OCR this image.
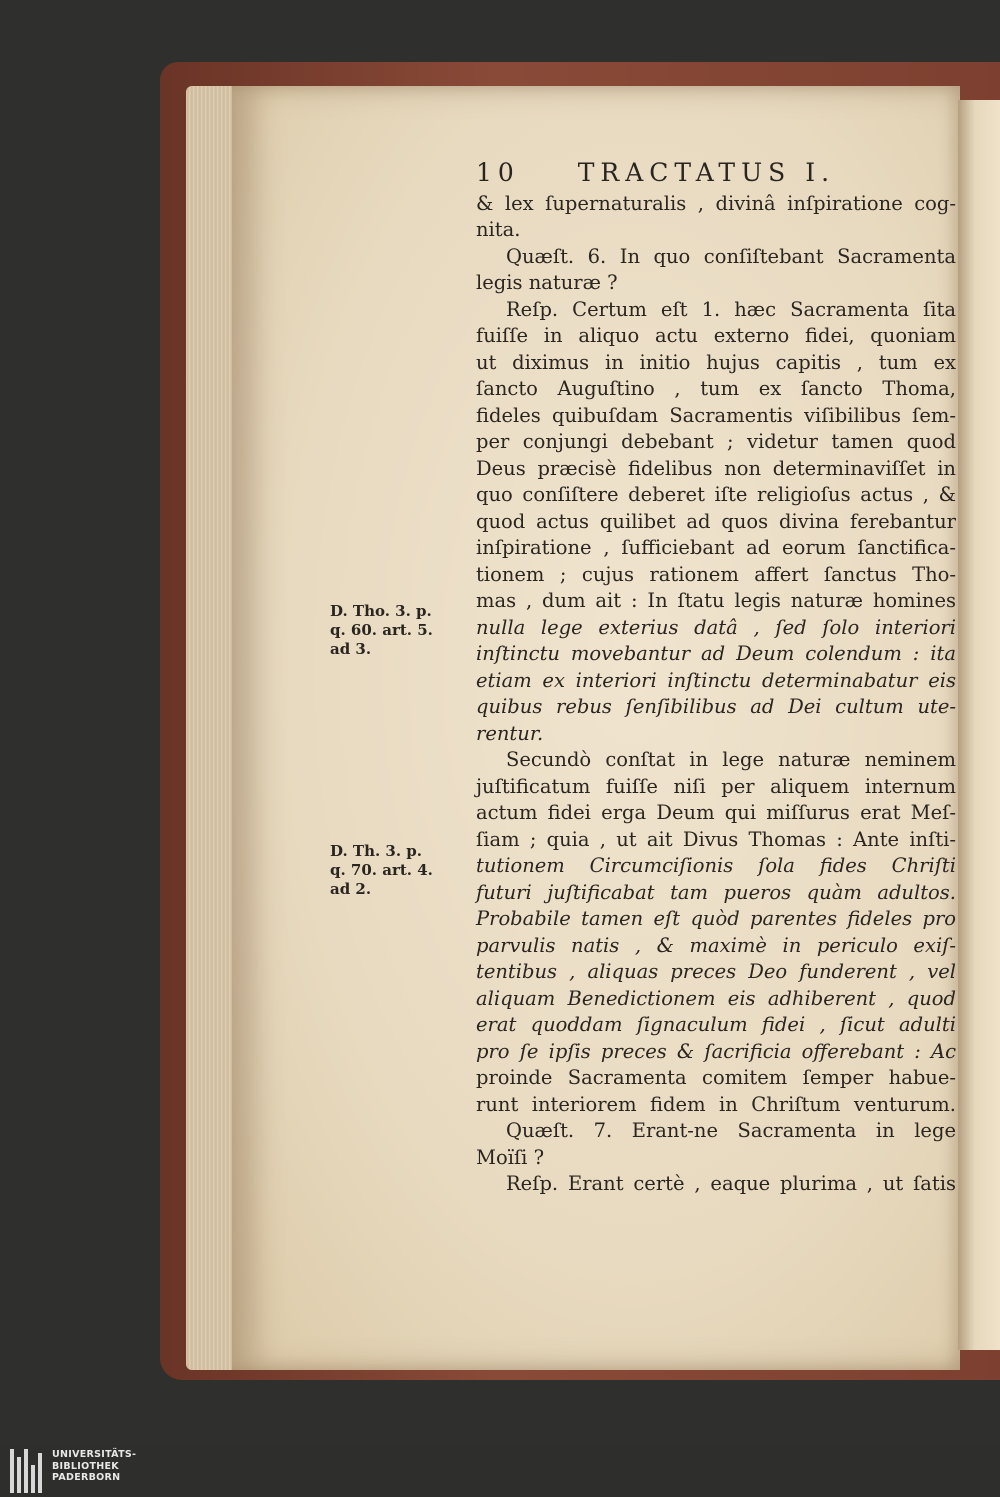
10 TRACTATUS I.
& lex ſupernaturalis , divinâ inſpiratione cog-
nita.
Quæſt. 6. In quo conſiſtebant Sacramenta
legis naturæ ?
Reſp. Certum eſt 1. hæc Sacramenta ſita
fuiſſe in aliquo actu externo fidei, quoniam
ut diximus in initio hujus capitis , tum ex
ſancto Auguſtino , tum ex ſancto Thoma,
fideles quibuſdam Sacramentis viſibilibus ſem-
per conjungi debebant ; videtur tamen quod
Deus præcisè fidelibus non determinaviſſet in
quo conſiſtere deberet iſte religioſus actus , &
quod actus quilibet ad quos divina ferebantur
inſpiratione , ſufficiebant ad eorum ſanctifica-
tionem ; cujus rationem affert ſanctus Tho-
mas , dum ait : In ſtatu legis naturæ homines
nulla lege exterius datâ , ſed ſolo interiori
inſtinctu movebantur ad Deum colendum : ita
etiam ex interiori inſtinctu determinabatur eis
quibus rebus ſenſibilibus ad Dei cultum ute-
rentur.
Secundò conſtat in lege naturæ neminem
juſtificatum fuiſſe niſi per aliquem internum
actum fidei erga Deum qui miſſurus erat Meſ-
ſiam ; quia , ut ait Divus Thomas : Ante inſti-
tutionem Circumciſionis ſola fides Chriſti
futuri juſtificabat tam pueros quàm adultos.
Probabile tamen eſt quòd parentes fideles pro
parvulis natis , & maximè in periculo exiſ-
tentibus , aliquas preces Deo funderent , vel
aliquam Benedictionem eis adhiberent , quod
erat quoddam ſignaculum fidei , ſicut adulti
pro ſe ipſis preces & ſacrificia offerebant : Ac
proinde Sacramenta comitem ſemper habue-
runt interiorem fidem in Chriſtum venturum.
Quæſt. 7. Erant-ne Sacramenta in lege
Moïſi ?
Reſp. Erant certè , eaque plurima , ut ſatis
D. Tho. 3. p.
q. 60. art. 5.
ad 3.
D. Th. 3. p.
q. 70. art. 4.
ad 2.
UNIVERSITÄTS-
BIBLIOTHEK
PADERBORN
